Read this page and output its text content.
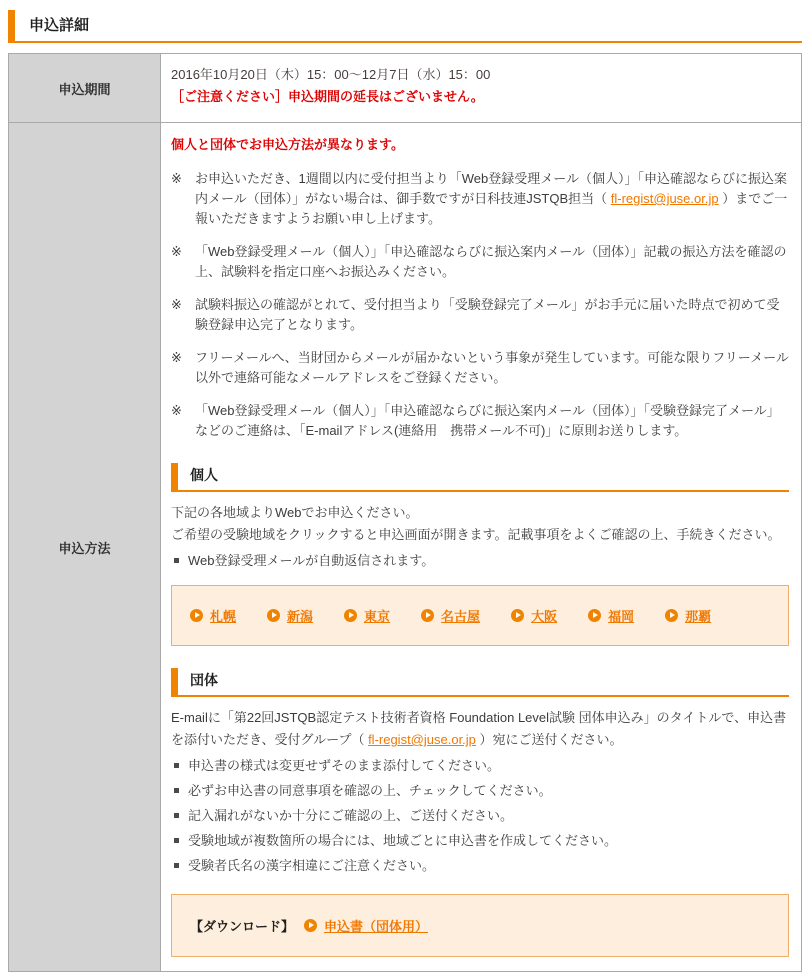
申込詳細
申込期間	2016年10月20日（木）15：00～12月7日（水）15：00

［ご注意ください］申込期間の延長はございません。

申込方法	

個人と団体でお申込方法が異なります。

※ お申込いただき、1週間以内に受付担当より「Web登録受理メール（個人）」「申込確認ならびに振込案内メール（団体）」がない場合は、御手数ですが日科技連JSTQB担当（ fl-regist@juse.or.jp ）までご一報いただきますようお願い申し上げます。
※ 「Web登録受理メール（個人）」「申込確認ならびに振込案内メール（団体）」記載の振込方法を確認の上、試験料を指定口座へお振込みください。
※ 試験料振込の確認がとれて、受付担当より「受験登録完了メール」がお手元に届いた時点で初めて受験登録申込完了となります。
※ フリーメールへ、当財団からメールが届かないという事象が発生しています。可能な限りフリーメール以外で連絡可能なメールアドレスをご登録ください。
※ 「Web登録受理メール（個人）」「申込確認ならびに振込案内メール（団体）」「受験登録完了メール」などのご連絡は、「E-mailアドレス(連絡用　携帯メール不可)」に原則お送りします。
個人

下記の各地域よりWebでお申込ください。

ご希望の受験地域をクリックすると申込画面が開きます。記載事項をよくご確認の上、手続きください。

Web登録受理メールが自動返信されます。
札幌	新潟	東京	名古屋	大阪	福岡	那覇
団体

E-mailに「第22回JSTQB認定テスト技術者資格 Foundation Level試験 団体申込み」のタイトルで、申込書を添付いただき、受付グループ（ fl-regist@juse.or.jp ）宛にご送付ください。

申込書の様式は変更せずそのまま添付してください。
必ずお申込書の同意事項を確認の上、チェックしてください。
記入漏れがないか十分にご確認の上、ご送付ください。
受験地域が複数箇所の場合には、地域ごとに申込書を作成してください。
受験者氏名の漢字相違にご注意ください。
【ダウンロード】 申込書（団体用）
